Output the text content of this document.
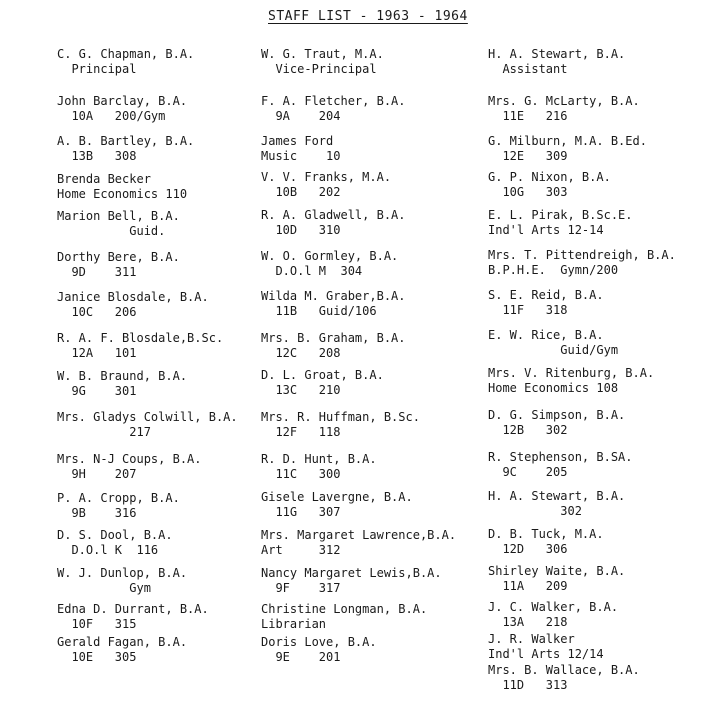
STAFF LIST - 1963 - 1964
C. G. Chapman, B.A.
Principal
John Barclay, B.A.
10A   200/Gym
A. B. Bartley, B.A.
13B   308
Brenda Becker
Home Economics 110
Marion Bell, B.A.
Guid.
Dorthy Bere, B.A.
9D    311
Janice Blosdale, B.A.
10C   206
R. A. F. Blosdale,B.Sc.
12A   101
W. B. Braund, B.A.
9G    301
Mrs. Gladys Colwill, B.A.
217
Mrs. N-J Coups, B.A.
9H    207
P. A. Cropp, B.A.
9B    316
D. S. Dool, B.A.
D.O.l K  116
W. J. Dunlop, B.A.
Gym
Edna D. Durrant, B.A.
10F   315
Gerald Fagan, B.A.
10E   305
W. G. Traut, M.A.
Vice-Principal
F. A. Fletcher, B.A.
9A    204
James Ford
Music    10
V. V. Franks, M.A.
10B   202
R. A. Gladwell, B.A.
10D   310
W. O. Gormley, B.A.
D.O.l M  304
Wilda M. Graber,B.A.
11B   Guid/106
Mrs. B. Graham, B.A.
12C   208
D. L. Groat, B.A.
13C   210
Mrs. R. Huffman, B.Sc.
12F   118
R. D. Hunt, B.A.
11C   300
Gisele Lavergne, B.A.
11G   307
Mrs. Margaret Lawrence,B.A.
Art     312
Nancy Margaret Lewis,B.A.
9F    317
Christine Longman, B.A.
Librarian
Doris Love, B.A.
9E    201
H. A. Stewart, B.A.
Assistant
Mrs. G. McLarty, B.A.
11E   216
G. Milburn, M.A. B.Ed.
12E   309
G. P. Nixon, B.A.
10G   303
E. L. Pirak, B.Sc.E.
Ind'l Arts 12-14
Mrs. T. Pittendreigh, B.A.
B.P.H.E.  Gymn/200
S. E. Reid, B.A.
11F   318
E. W. Rice, B.A.
Guid/Gym
Mrs. V. Ritenburg, B.A.
Home Economics 108
D. G. Simpson, B.A.
12B   302
R. Stephenson, B.SA.
9C    205
H. A. Stewart, B.A.
302
D. B. Tuck, M.A.
12D   306
Shirley Waite, B.A.
11A   209
J. C. Walker, B.A.
13A   218
J. R. Walker
Ind'l Arts 12/14
Mrs. B. Wallace, B.A.
11D   313
